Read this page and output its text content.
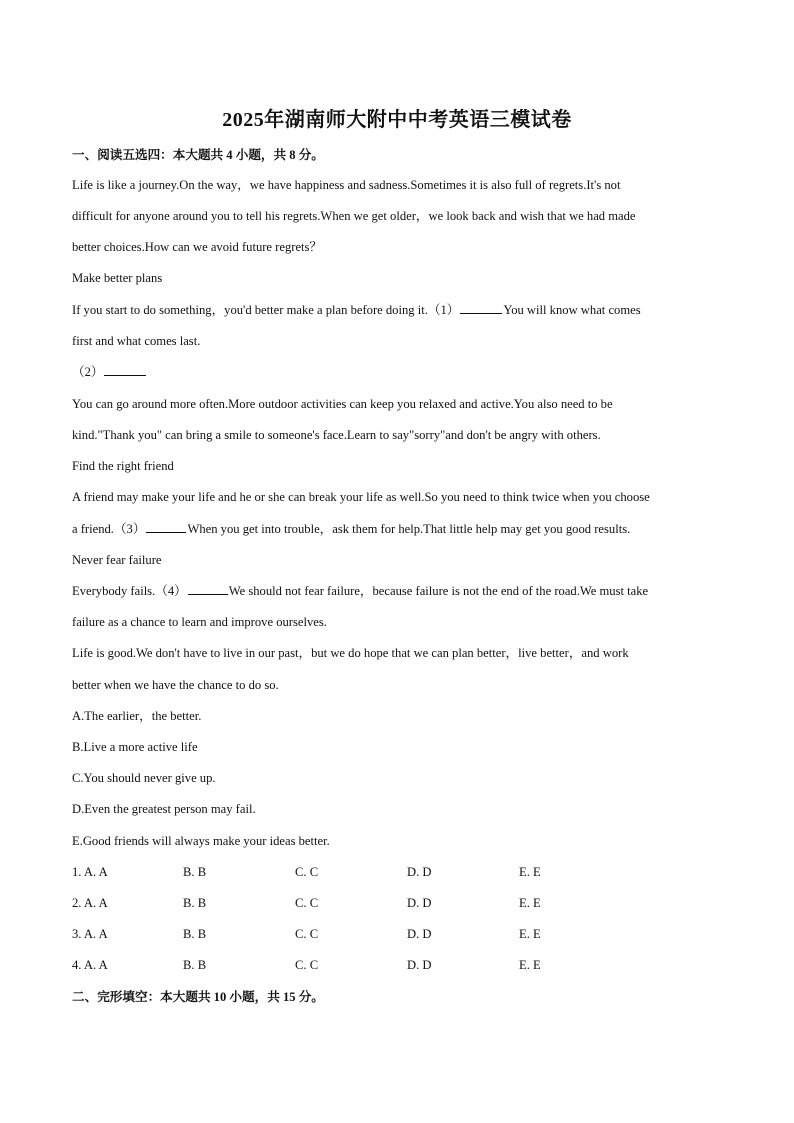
2025年湖南师大附中中考英语三模试卷
一、阅读五选四：本大题共 4 小题，共 8 分。
Life is like a journey.On the way，we have happiness and sadness.Sometimes it is also full of regrets.It's not
difficult for anyone around you to tell his regrets.When we get older，we look back and wish that we had made
better choices.How can we avoid future regrets？
Make better plans
If you start to do something，you'd better make a plan before doing it.（1）	You will know what comes
first and what comes last.
（2）
You can go around more often.More outdoor activities can keep you relaxed and active.You also need to be
kind."Thank you" can bring a smile to someone's face.Learn to say"sorry"and don't be angry with others.
Find the right friend
A friend may make your life and he or she can break your life as well.So you need to think twice when you choose
a friend.（3）	When you get into trouble，ask them for help.That little help may get you good results.
Never fear failure
Everybody fails.（4）	We should not fear failure，because failure is not the end of the road.We must take
failure as a chance to learn and improve ourselves.
Life is good.We don't have to live in our past，but we do hope that we can plan better，live better，and work
better when we have the chance to do so.
A.The earlier，the better.
B.Live a more active life
C.You should never give up.
D.Even the greatest person may fail.
E.Good friends will always make your ideas better.
1. A. A	B. B	C. C	D. D	E. E
2. A. A	B. B	C. C	D. D	E. E
3. A. A	B. B	C. C	D. D	E. E
4. A. A	B. B	C. C	D. D	E. E
二、完形填空：本大题共 10 小题，共 15 分。
